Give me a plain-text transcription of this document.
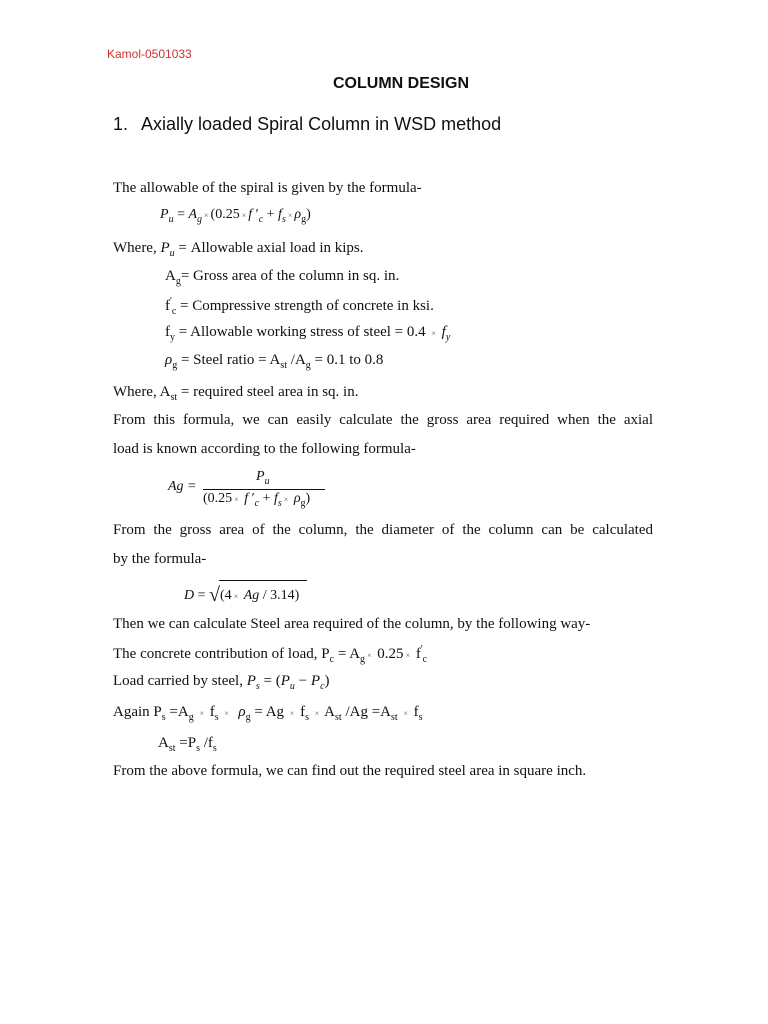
Kamol-0501033
COLUMN DESIGN
1. Axially loaded Spiral Column in WSD method
The allowable of the spiral is given by the formula-
$P_u = A_g \times (0.25 \times f$ $'_c + f_s \times \rho_g$)
Where, $P_u$ = Allowable axial load in kips.
$A_g=$ Gross area of the column in sq. in.
$f'_c$ = Compressive strength of concrete in ksi.
$f_y$ = Allowable working stress of steel = $0.4 \times f_y$
$\rho_g$ = Steel ratio = $A_{st}$ $/A_g = 0.1$ to 0.8
Where, $A_{st}$ = required steel area in sq. in.
From this formula, we can easily calculate the gross area required when the axial
load is known according to the following formula-
Ag =
$P_u$
(0.25 × f $'_c + f_s \times \rho_g$)
From the gross area of the column, the diameter of the column can be calculated
by the formula-
D = √(4 × Ag / 3.14)
Then we can calculate Steel area required of the column, by the following way-
The concrete contribution of load, $P_c = A_g \times 0.25 \times f'_c$
Load carried by steel, $P_s = (P_u - P_c)$
Again $P_s =A_g \times f_s \times \rho_g = Ag \times f_s \times A_{st}$ $/Ag =A_{st} \times f_s$
$A_{st} =P_s$ $/f_s$
From the above formula, we can find out the required steel area in square inch.
